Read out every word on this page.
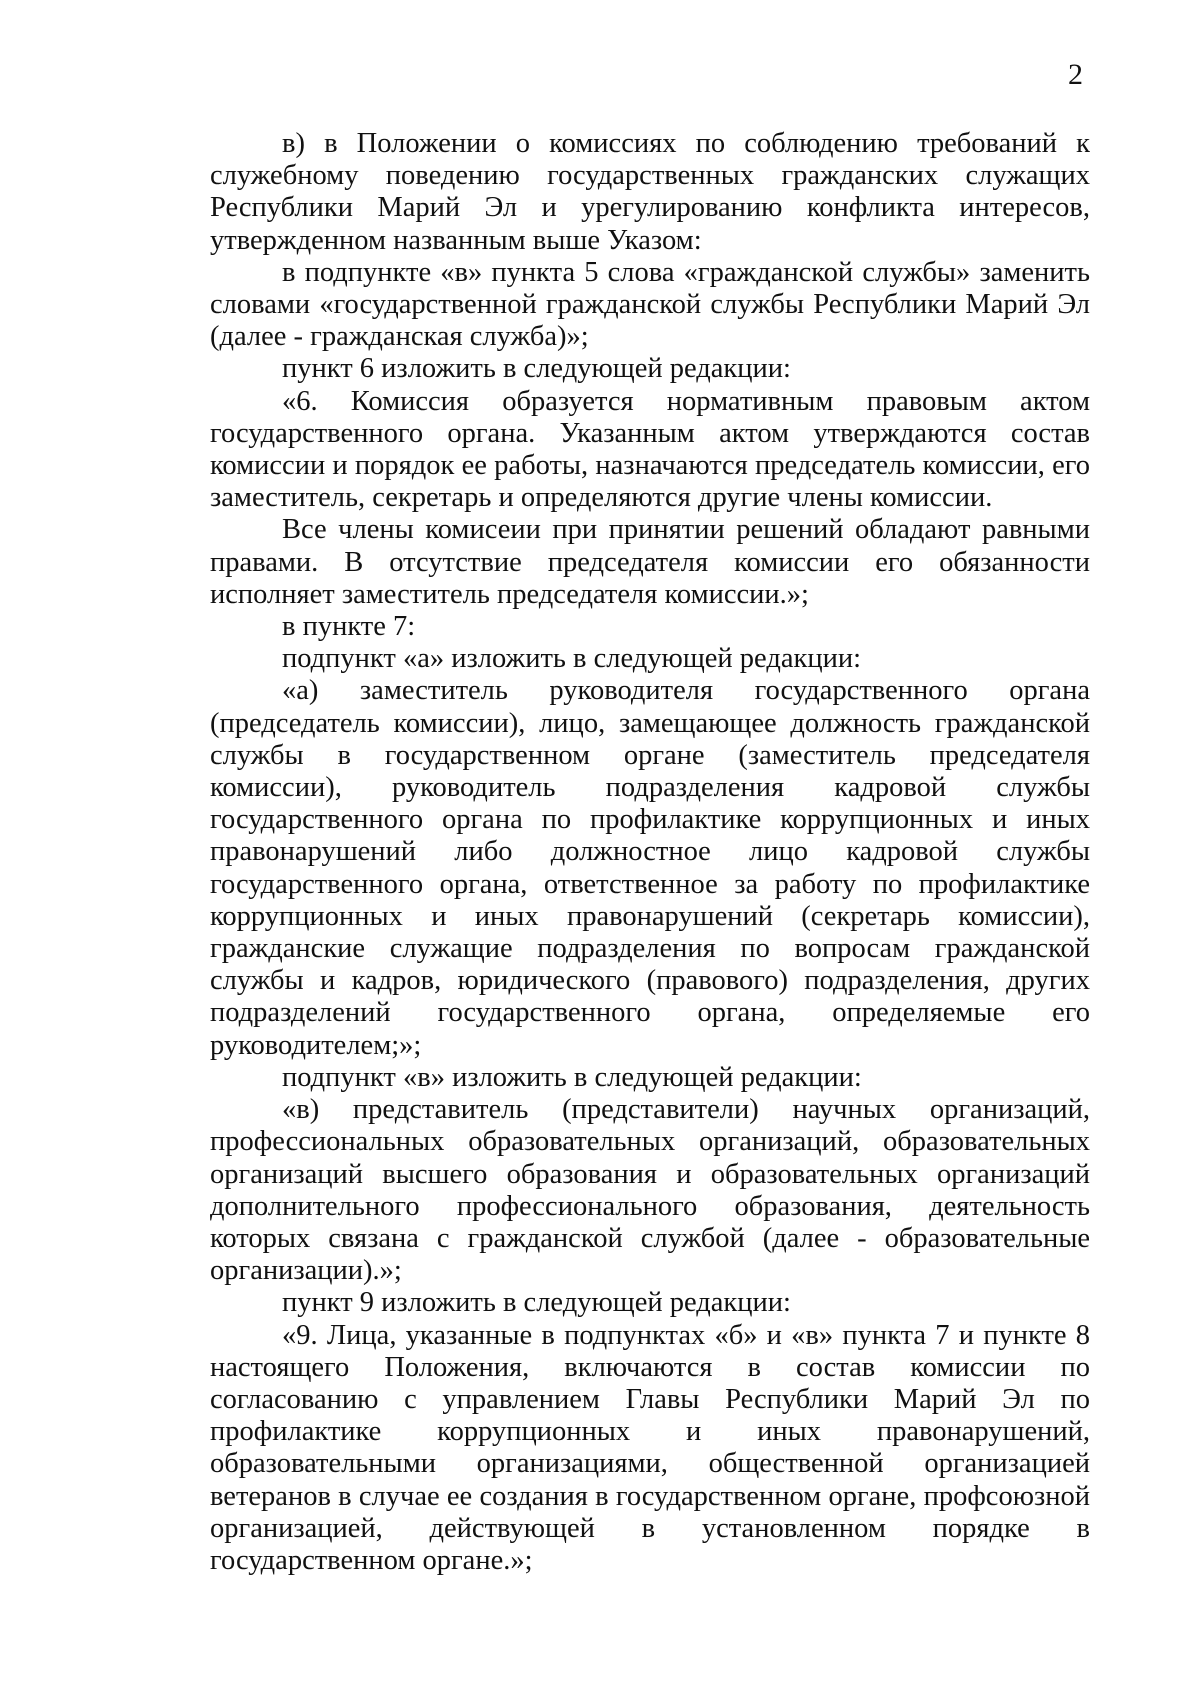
2

в) в Положении о комиссиях по соблюдению требований к служебному поведению государственных гражданских служащих Республики Марий Эл и урегулированию конфликта интересов, утвержденном названным выше Указом:

в подпункте «в» пункта 5 слова «гражданской службы» заменить словами «государственной гражданской службы Республики Марий Эл (далее - гражданская служба)»;

пункт 6 изложить в следующей редакции:

«6. Комиссия образуется нормативным правовым актом государственного органа. Указанным актом утверждаются состав комиссии и порядок ее работы, назначаются председатель комиссии, его заместитель, секретарь и определяются другие члены комиссии.

Все члены комисеии при принятии решений обладают равными правами. В отсутствие председателя комиссии его обязанности исполняет заместитель председателя комиссии.»;

в пункте 7:

подпункт «а» изложить в следующей редакции:

«а) заместитель руководителя государственного органа (председатель комиссии), лицо, замещающее должность гражданской службы в государственном органе (заместитель председателя комиссии), руководитель подразделения кадровой службы государственного органа по профилактике коррупционных и иных правонарушений либо должностное лицо кадровой службы государственного органа, ответственное за работу по профилактике коррупционных и иных правонарушений (секретарь комиссии), гражданские служащие подразделения по вопросам гражданской службы и кадров, юридического (правового) подразделения, других подразделений государственного органа, определяемые его руководителем;»;

подпункт «в» изложить в следующей редакции:

«в) представитель (представители) научных организаций, профессиональных образовательных организаций, образовательных организаций высшего образования и образовательных организаций дополнительного профессионального образования, деятельность которых связана с гражданской службой (далее - образовательные организации).»;

пункт 9 изложить в следующей редакции:

«9. Лица, указанные в подпунктах «б» и «в» пункта 7 и пункте 8 настоящего Положения, включаются в состав комиссии по согласованию с управлением Главы Республики Марий Эл по профилактике коррупционных и иных правонарушений, образовательными организациями, общественной организацией ветеранов в случае ее создания в государственном органе, профсоюзной организацией, действующей в установленном порядке в государственном органе.»;
